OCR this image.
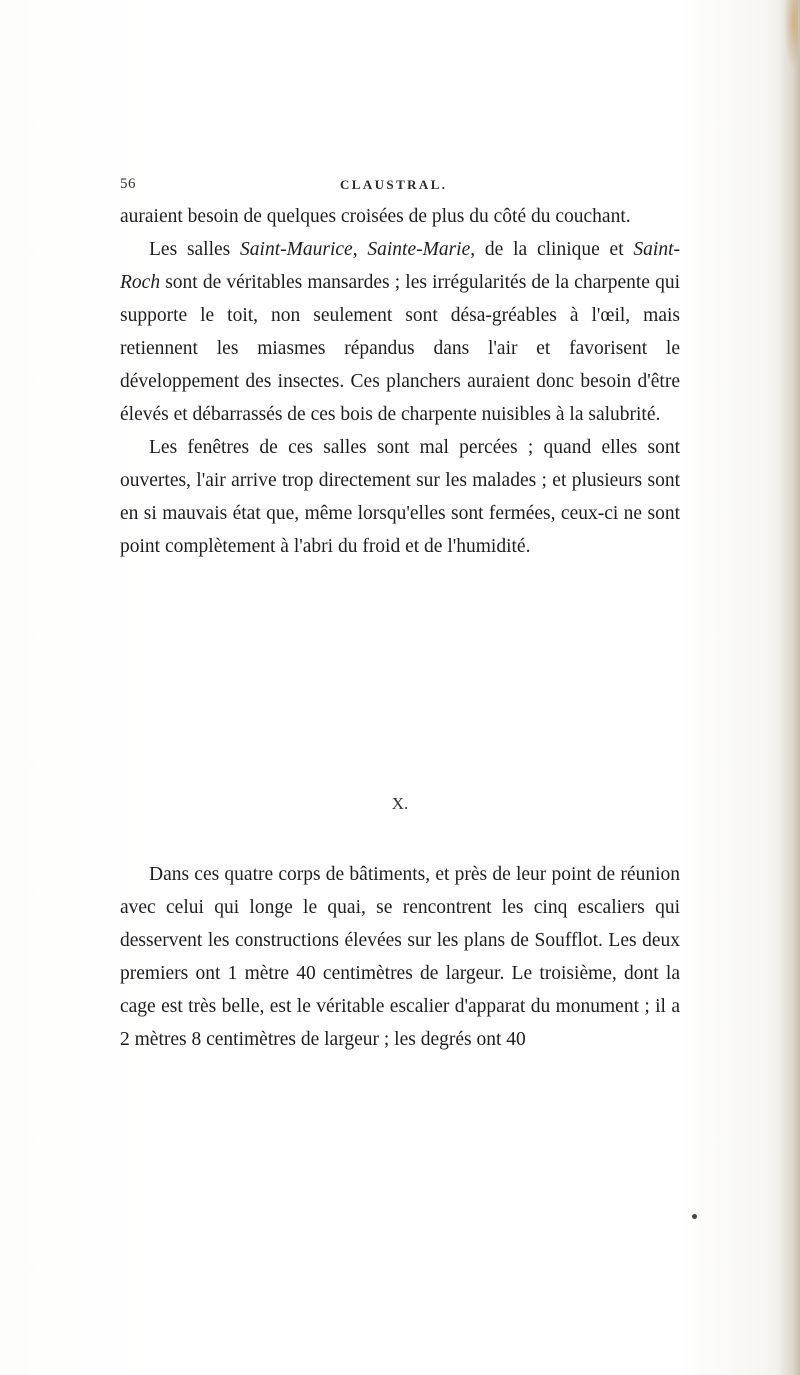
56	CLAUSTRAL.

auraient besoin de quelques croisées de plus du côté du couchant.

Les salles Saint-Maurice, Sainte-Marie, de la clinique et Saint-Roch sont de véritables mansardes ; les irrégularités de la charpente qui supporte le toit, non seulement sont désa-gréables à l'œil, mais retiennent les miasmes répandus dans l'air et favorisent le développement des insectes. Ces planchers auraient donc besoin d'être élevés et débarrassés de ces bois de charpente nuisibles à la salubrité.

Les fenêtres de ces salles sont mal percées ; quand elles sont ouvertes, l'air arrive trop directement sur les malades ; et plusieurs sont en si mauvais état que, même lorsqu'elles sont fermées, ceux-ci ne sont point complètement à l'abri du froid et de l'humidité.

X.

Dans ces quatre corps de bâtiments, et près de leur point de réunion avec celui qui longe le quai, se rencontrent les cinq escaliers qui desservent les constructions élevées sur les plans de Soufflot. Les deux premiers ont 1 mètre 40 centimètres de largeur. Le troisième, dont la cage est très belle, est le véritable escalier d'apparat du monument ; il a 2 mètres 8 centimètres de largeur ; les degrés ont 40
